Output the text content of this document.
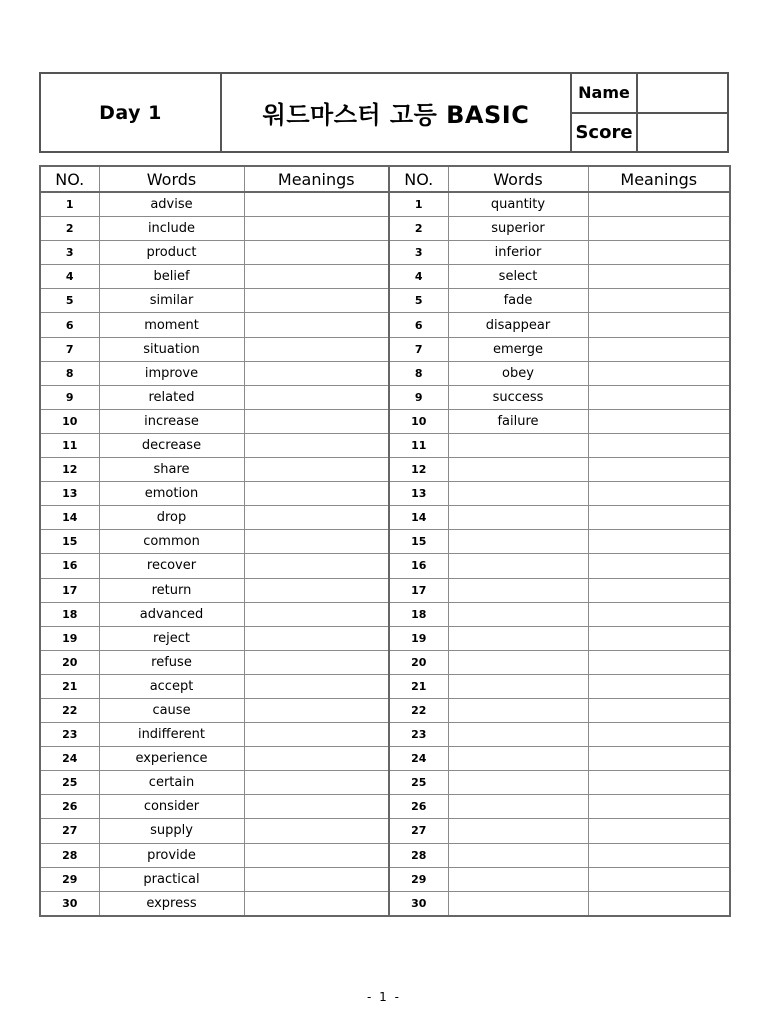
Day 1	워드마스터 고등 BASIC
Name
Score
NO.	Words	Meanings	NO.	Words	Meanings
1	advise		1	quantity	
2	include		2	superior	
3	product		3	inferior	
4	belief		4	select	
5	similar		5	fade	
6	moment		6	disappear	
7	situation		7	emerge	
8	improve		8	obey	
9	related		9	success	
10	increase		10	failure	
11	decrease		11		
12	share		12		
13	emotion		13		
14	drop		14		
15	common		15		
16	recover		16		
17	return		17		
18	advanced		18		
19	reject		19		
20	refuse		20		
21	accept		21		
22	cause		22		
23	indifferent		23		
24	experience		24		
25	certain		25		
26	consider		26		
27	supply		27		
28	provide		28		
29	practical		29		
30	express		30		
- 1 -
